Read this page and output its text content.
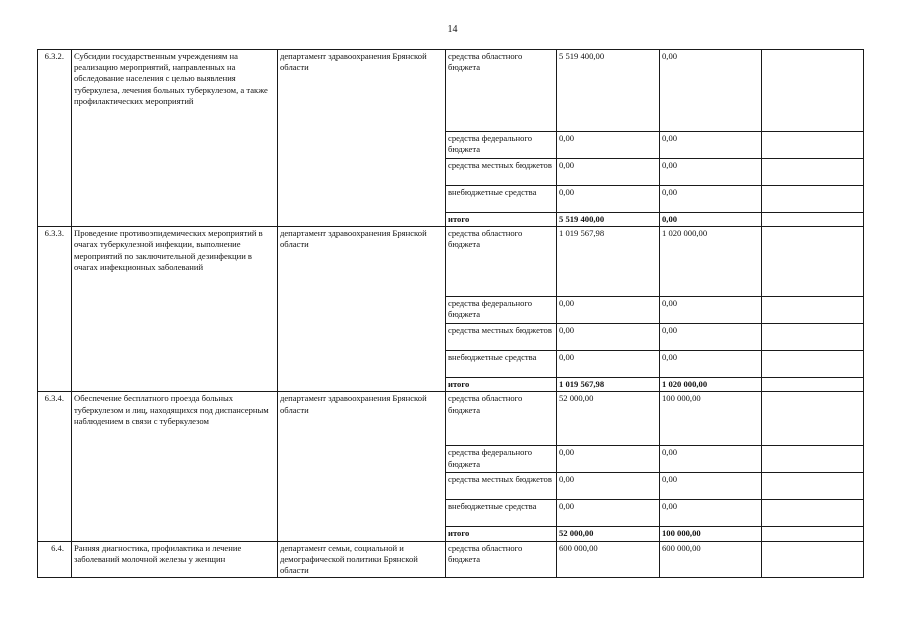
14
6.3.2.	Субсидии государственным учреждениям на реализацию мероприятий, направленных на обследование населения с целью выявления туберкулеза, лечения больных туберкулезом, а также профилактических мероприятий	департамент здравоохранения Брянской области	средства областного бюджета	5 519 400,00	0,00	
			средства федерального бюджета	0,00	0,00	
			средства местных бюджетов	0,00	0,00	
			внебюджетные средства	0,00	0,00	
			итого	5 519 400,00	0,00	
6.3.3.	Проведение противоэпидемических мероприятий в очагах туберкулезной инфекции, выполнение мероприятий по заключительной дезинфекции в очагах инфекционных заболеваний	департамент здравоохранения Брянской области	средства областного бюджета	1 019 567,98	1 020 000,00	
			средства федерального бюджета	0,00	0,00	
			средства местных бюджетов	0,00	0,00	
			внебюджетные средства	0,00	0,00	
			итого	1 019 567,98	1 020 000,00	
6.3.4.	Обеспечение бесплатного проезда больных туберкулезом и лиц, находящихся под диспансерным наблюдением в связи с туберкулезом	департамент здравоохранения Брянской области	средства областного бюджета	52 000,00	100 000,00	
			средства федерального бюджета	0,00	0,00	
			средства местных бюджетов	0,00	0,00	
			внебюджетные средства	0,00	0,00	
			итого	52 000,00	100 000,00	
6.4.	Ранняя диагностика, профилактика и лечение заболеваний молочной железы у женщин	департамент семьи, социальной и демографической политики Брянской области	средства областного бюджета	600 000,00	600 000,00	
